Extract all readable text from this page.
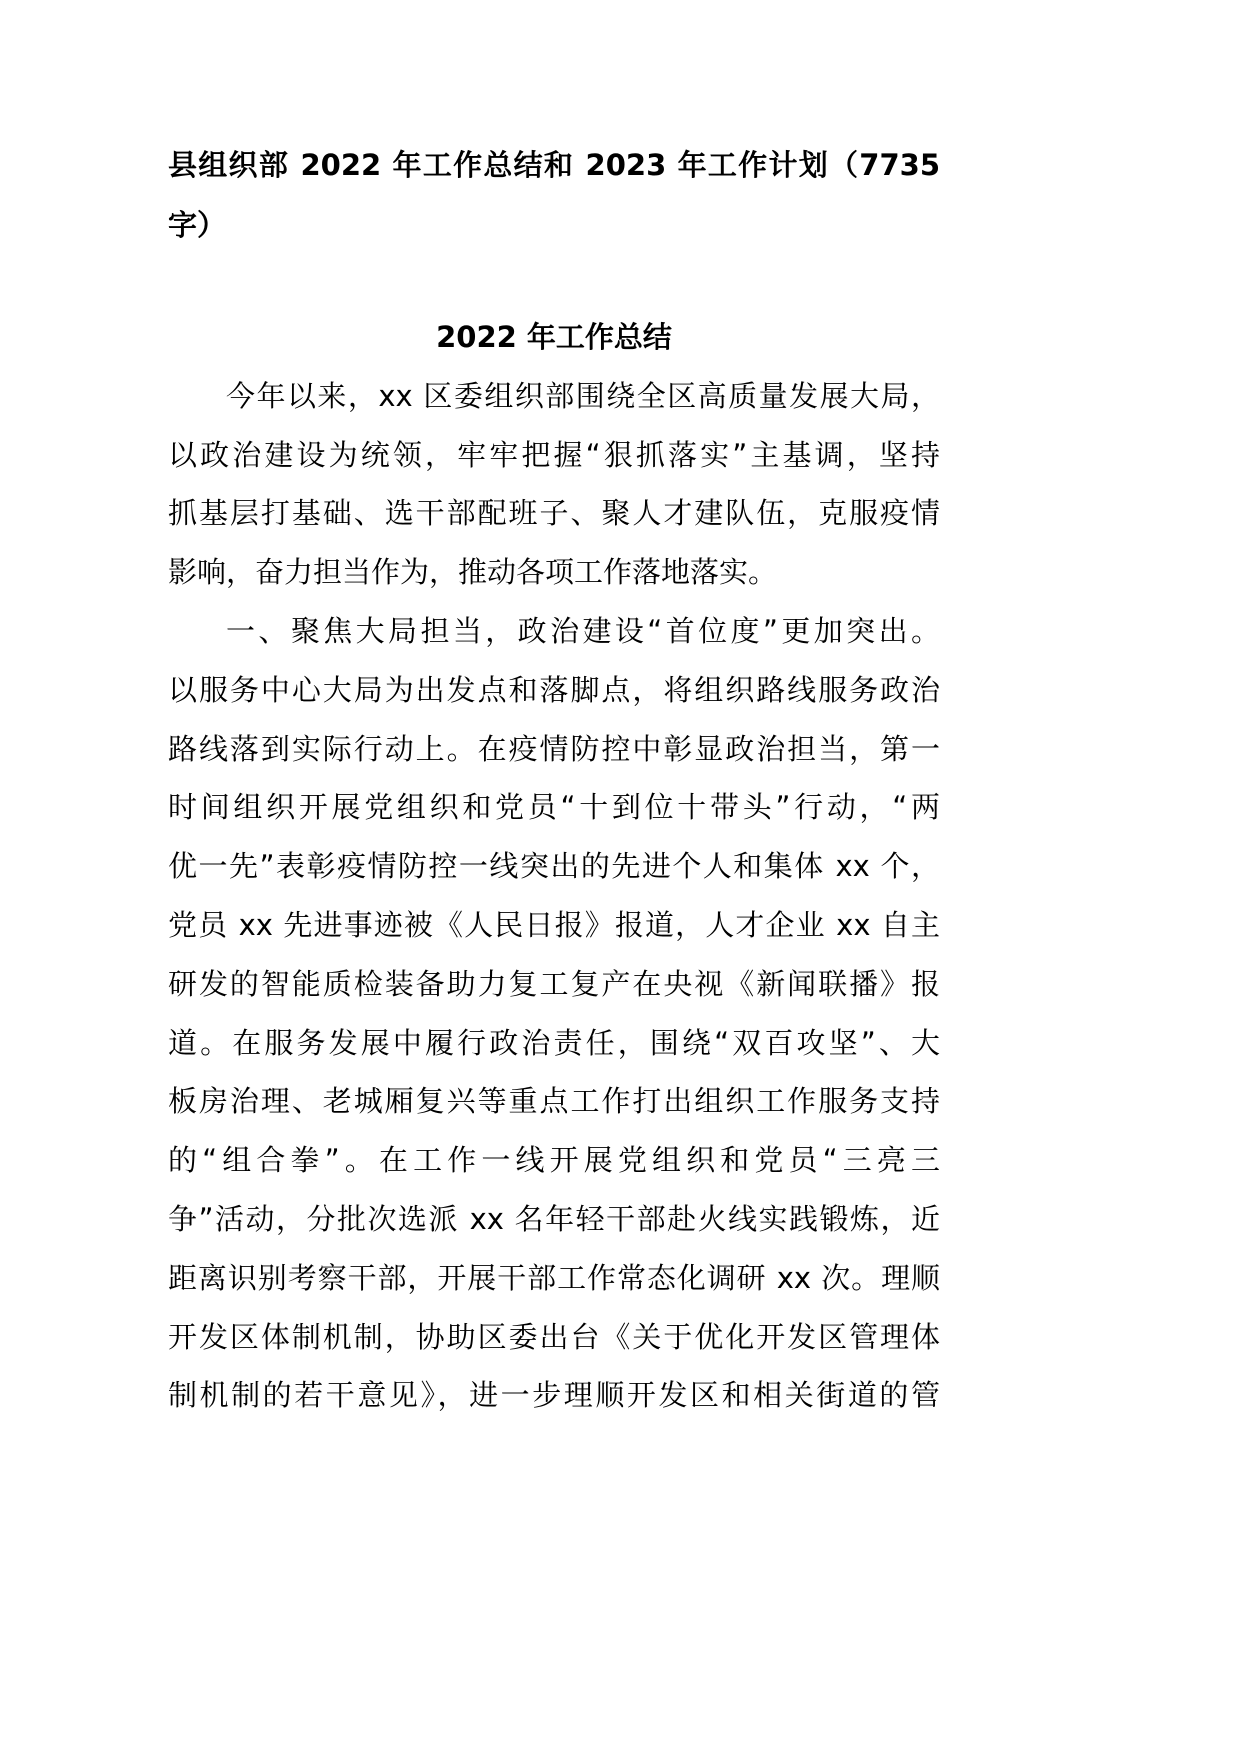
县组织部 2022 年工作总结和 2023 年工作计划（7735
字）
2022 年工作总结
今年以来，xx 区委组织部围绕全区高质量发展大局，
以政治建设为统领，牢牢把握“狠抓落实”主基调，坚持
抓基层打基础、选干部配班子、聚人才建队伍，克服疫情
影响，奋力担当作为，推动各项工作落地落实。
一、聚焦大局担当，政治建设“首位度”更加突出。
以服务中心大局为出发点和落脚点，将组织路线服务政治
路线落到实际行动上。在疫情防控中彰显政治担当，第一
时间组织开展党组织和党员“十到位十带头”行动，“两
优一先”表彰疫情防控一线突出的先进个人和集体 xx 个，
党员 xx 先进事迹被《人民日报》报道，人才企业 xx 自主
研发的智能质检装备助力复工复产在央视《新闻联播》报
道。在服务发展中履行政治责任，围绕“双百攻坚”、大
板房治理、老城厢复兴等重点工作打出组织工作服务支持
的“组合拳”。在工作一线开展党组织和党员“三亮三
争”活动，分批次选派 xx 名年轻干部赴火线实践锻炼，近
距离识别考察干部，开展干部工作常态化调研 xx 次。理顺
开发区体制机制，协助区委出台《关于优化开发区管理体
制机制的若干意见》，进一步理顺开发区和相关街道的管
